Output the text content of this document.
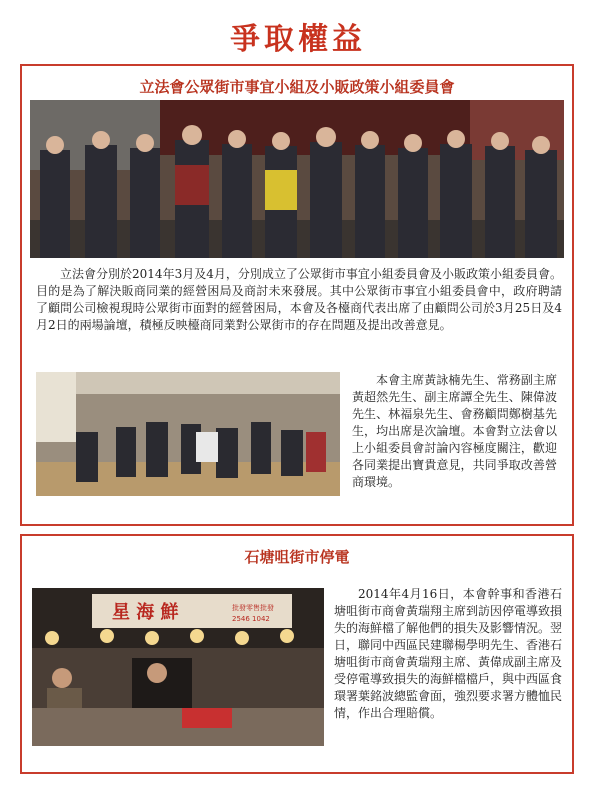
爭取權益
立法會公眾街市事宜小組及小販政策小組委員會
立法會分別於2014年3月及4月，分別成立了公眾街市事宜小組委員會及小販政策小組委員會。目的是為了解決販商同業的經營困局及商討未來發展。其中公眾街市事宜小組委員會中，政府聘請了顧問公司檢視現時公眾街市面對的經營困局，本會及各檯商代表出席了由顧問公司於3月25日及4月2日的兩場論壇，積極反映檯商同業對公眾街市的存在問題及提出改善意見。
本會主席黃詠楠先生、常務副主席黃超然先生、副主席譚全先生、陳偉波先生、林福泉先生、會務顧問鄭樹基先生，均出席是次論壇。本會對立法會以上小組委員會討論內容極度關注，歡迎各同業提出寶貴意見，共同爭取改善營商環境。
石塘咀街市停電
星 海 鮮	批發零售批發
2546 1042
2014年4月16日，本會幹事和香港石塘咀街市商會黃瑞翔主席到訪因停電導致損失的海鮮檔了解他們的損失及影響情況。翌日，聯同中西區民建聯楊學明先生、香港石塘咀街市商會黃瑞翔主席、黃偉成副主席及受停電導致損失的海鮮檔檔戶，與中西區食環署葉銘波總監會面，強烈要求署方體恤民情，作出合理賠償。
